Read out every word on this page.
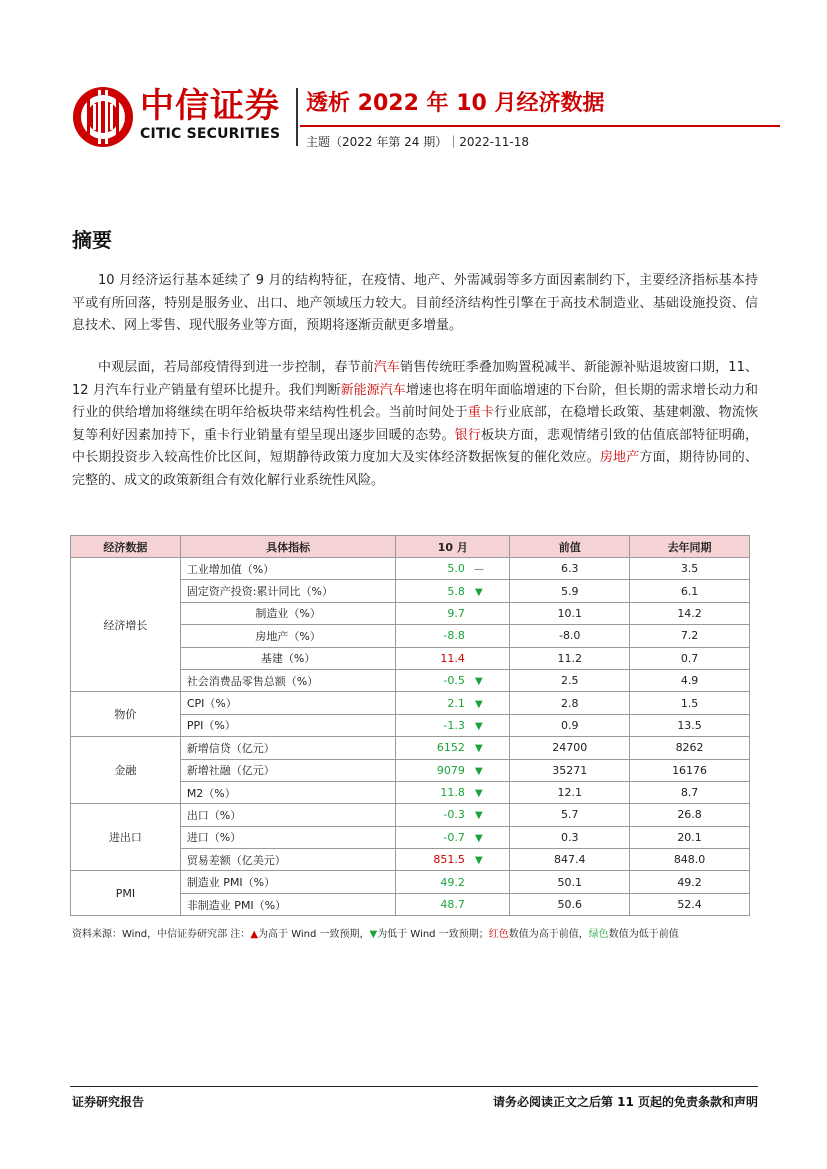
中信证券
CITIC SECURITIES
透析 2022 年 10 月经济数据
主题（2022 年第 24 期）｜2022-11-18
摘要

10 月经济运行基本延续了 9 月的结构特征，在疫情、地产、外需减弱等多方面因素制约下，主要经济指标基本持平或有所回落，特别是服务业、出口、地产领域压力较大。目前经济结构性引擎在于高技术制造业、基础设施投资、信息技术、网上零售、现代服务业等方面，预期将逐渐贡献更多增量。

中观层面，若局部疫情得到进一步控制，春节前汽车销售传统旺季叠加购置税减半、新能源补贴退坡窗口期，11、12 月汽车行业产销量有望环比提升。我们判断新能源汽车增速也将在明年面临增速的下台阶，但长期的需求增长动力和行业的供给增加将继续在明年给板块带来结构性机会。当前时间处于重卡行业底部，在稳增长政策、基建刺激、物流恢复等利好因素加持下，重卡行业销量有望呈现出逐步回暖的态势。银行板块方面，悲观情绪引致的估值底部特征明确，中长期投资步入较高性价比区间，短期静待政策力度加大及实体经济数据恢复的催化效应。房地产方面，期待协同的、完整的、成文的政策新组合有效化解行业系统性风险。

经济数据	具体指标	10 月	前值	去年同期
经济增长	工业增加值（%）	5.0 —	6.3	3.5
	固定资产投资:累计同比（%）	5.8 ▼	5.9	6.1
	制造业（%）	9.7	10.1	14.2
	房地产（%）	-8.8	-8.0	7.2
	基建（%）	11.4	11.2	0.7
	社会消费品零售总额（%）	-0.5 ▼	2.5	4.9
物价	CPI（%）	2.1 ▼	2.8	1.5
	PPI（%）	-1.3 ▼	0.9	13.5
金融	新增信贷（亿元）	6152 ▼	24700	8262
	新增社融（亿元）	9079 ▼	35271	16176
	M2（%）	11.8 ▼	12.1	8.7
进出口	出口（%）	-0.3 ▼	5.7	26.8
	进口（%）	-0.7 ▼	0.3	20.1
	贸易差额（亿美元）	851.5 ▼	847.4	848.0
PMI	制造业 PMI（%）	49.2	50.1	49.2
	非制造业 PMI（%）	48.7	50.6	52.4
资料来源：Wind，中信证券研究部 注：▲为高于 Wind 一致预期，▼为低于 Wind 一致预期；红色数值为高于前值，绿色数值为低于前值
证券研究报告	请务必阅读正文之后第 11 页起的免责条款和声明
